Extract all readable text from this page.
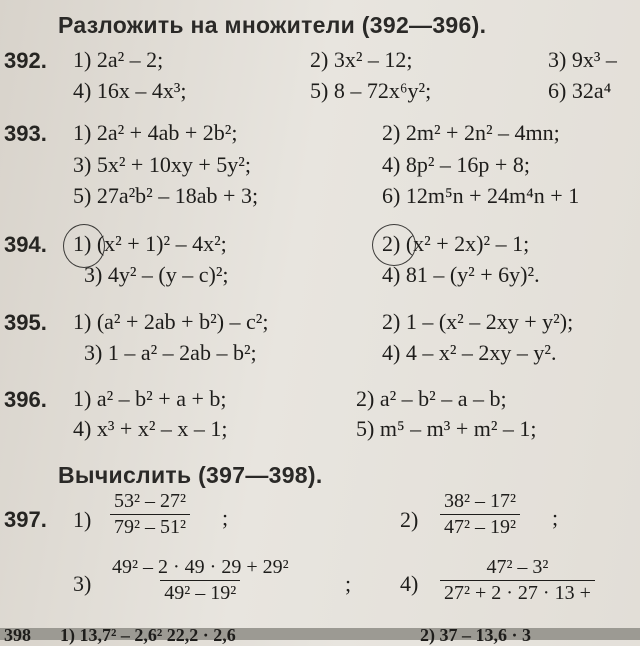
Разложить на множители (392—396).
392. 1) 2a² – 2;	2) 3x² – 12;	3) 9x³ –
4) 16x – 4x³;	5) 8 – 72x⁶y²;	6) 32a⁴
393. 1) 2a² + 4ab + 2b²;	2) 2m² + 2n² – 4mn;
3) 5x² + 10xy + 5y²;	4) 8p² – 16p + 8;
5) 27a²b² – 18ab + 3;	6) 12m⁵n + 24m⁴n + 1
394. 1) (x² + 1)² – 4x²;	2) (x² + 2x)² – 1;
3) 4y² – (y – c)²;	4) 81 – (y² + 6y)².
395. 1) (a² + 2ab + b²) – c²;	2) 1 – (x² – 2xy + y²);
3) 1 – a² – 2ab – b²;	4) 4 – x² – 2xy – y².
396. 1) a² – b² + a + b;	2) a² – b² – a – b;
4) x³ + x² – x – 1;	5) m⁵ – m³ + m² – 1;
Вычислить (397—398).
397. $1) \frac{\text{53² – 27²}}{\text{79² – 51²}}$ ;	$2) \frac{\text{38² – 17²}}{\text{47² – 19²}}$ ;
$3) \frac{\text{49² – 2 · 49 · 29 + 29²}}{\text{49² – 19²}}$ ; $4) \frac{\text{47² – 3²}}{\text{27² + 2 · 27 · 13 +}}$
398 1) 13,7² – 2,6² 22,2 · 2,6	2) 37 – 13,6 · 3
